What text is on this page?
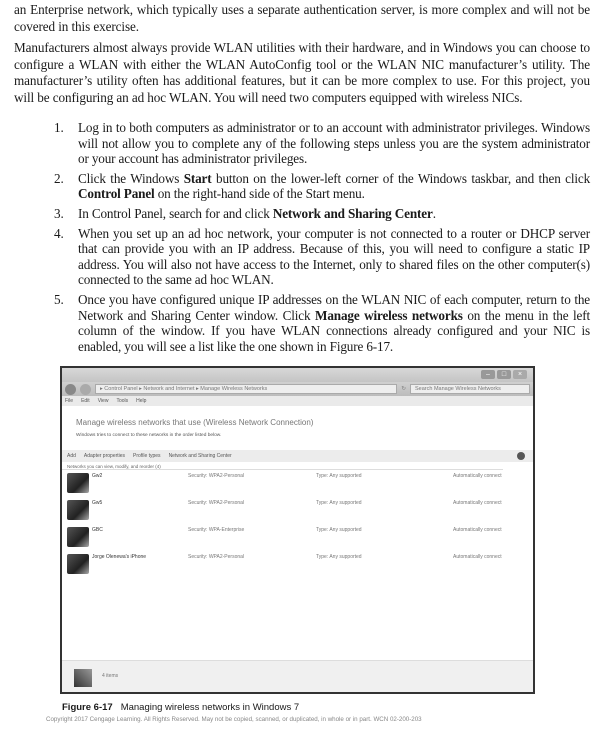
an Enterprise network, which typically uses a separate authentication server, is more complex and will not be covered in this exercise.
Manufacturers almost always provide WLAN utilities with their hardware, and in Windows you can choose to configure a WLAN with either the WLAN AutoConfig tool or the WLAN NIC manufacturer’s utility. The manufacturer’s utility often has additional features, but it can be more complex to use. For this project, you will be configuring an ad hoc WLAN. You will need two computers equipped with wireless NICs.
1.	Log in to both computers as administrator or to an account with administrator privileges. Windows will not allow you to complete any of the following steps unless you are the system administrator or your account has administrator privileges.
2.	Click the Windows Start button on the lower-left corner of the Windows taskbar, and then click Control Panel on the right-hand side of the Start menu.
3.	In Control Panel, search for and click Network and Sharing Center.
4.	When you set up an ad hoc network, your computer is not connected to a router or DHCP server that can provide you with an IP address. Because of this, you will need to configure a static IP address. You will also not have access to the Internet, only to shared files on the other computer(s) connected to the same ad hoc WLAN.
5.	Once you have configured unique IP addresses on the WLAN NIC of each computer, return to the Network and Sharing Center window. Click Manage wireless networks on the menu in the left column of the window. If you have WLAN connections already configured and your NIC is enabled, you will see a list like the one shown in Figure 6-17.
–	□	×
▸ Control Panel ▸ Network and Internet ▸ Manage Wireless Networks	↻	Search Manage Wireless Networks
File Edit View Tools Help
Manage wireless networks that use (Wireless Network Connection)
Windows tries to connect to these networks in the order listed below.
Add Adapter properties Profile types Network and Sharing Center
Networks you can view, modify, and reorder (4)
Gw2	Security: WPA2-Personal	Type: Any supported	Automatically connect
Gw5	Security: WPA2-Personal	Type: Any supported	Automatically connect
GBC	Security: WPA-Enterprise	Type: Any supported	Automatically connect
Jorge Olenewa's iPhone	Security: WPA2-Personal	Type: Any supported	Automatically connect
4 items
Figure 6-17 Managing wireless networks in Windows 7
Copyright 2017 Cengage Learning. All Rights Reserved. May not be copied, scanned, or duplicated, in whole or in part. WCN 02-200-203
